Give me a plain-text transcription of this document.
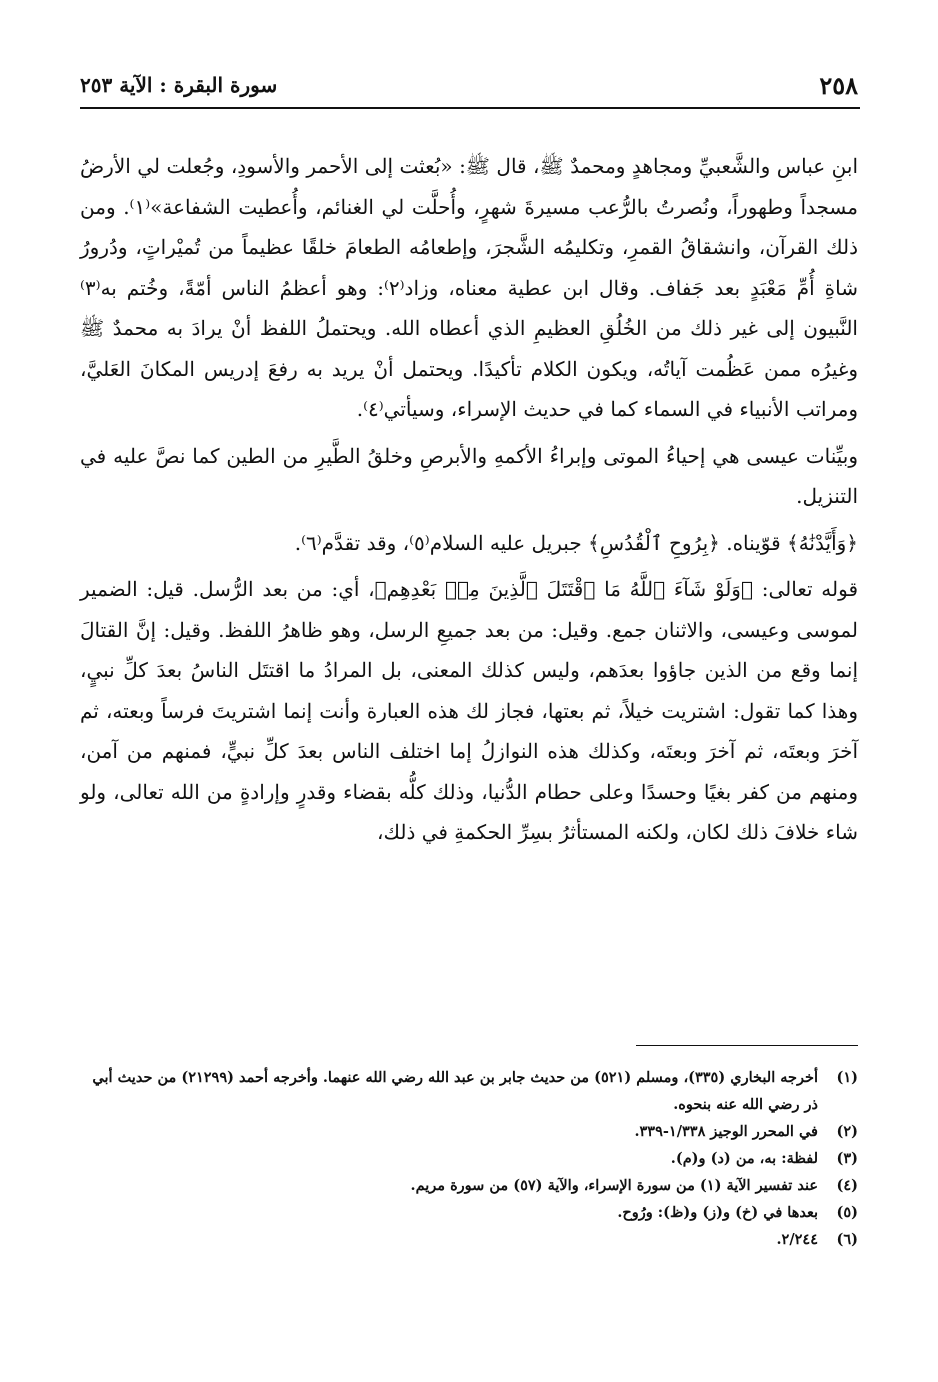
سورة البقرة : الآية ٢٥٣	٢٥٨

ابنِ عباس والشَّعبيِّ ومجاهدٍ ومحمدٌ ﷺ، قال ﷺ: «بُعثت إلى الأحمر والأسودِ، وجُعلت لي الأرضُ مسجداً وطهوراً، ونُصرتُ بالرُّعب مسيرةَ شهرٍ، وأُحلَّت لي الغنائم، وأُعطيت الشفاعة»⁽١⁾. ومن ذلك القرآن، وانشقاقُ القمرِ، وتكليمُه الشَّجرَ، وإطعامُه الطعامَ خلقًا عظيماً من تُميْراتٍ، ودُرورُ شاةِ أُمِّ مَعْبَدٍ بعد جَفاف. وقال ابن عطية معناه، وزاد⁽٢⁾: وهو أعظمُ الناس أمّةً، وخُتم به⁽٣⁾ النَّبيون إلى غير ذلك من الخُلُقِ العظيمِ الذي أعطاه الله. ويحتملُ اللفظ أنْ يرادَ به محمدٌ ﷺ وغيرُه ممن عَظُمت آياتُه، ويكون الكلام تأكيدًا. ويحتمل أنْ يريد به رفعَ إدريس المكانَ العَليَّ، ومراتب الأنبياء في السماء كما في حديث الإسراء، وسيأتي⁽٤⁾.

وبيِّنات عيسى هي إحياءُ الموتى وإبراءُ الأكمهِ والأبرصِ وخلقُ الطَّيرِ من الطين كما نصَّ عليه في التنزيل.

﴿وَأَيَّدْنَٰهُ﴾ قوّيناه. ﴿بِرُوحِ ٱلْقُدُسِ﴾ جبريل عليه السلام⁽٥⁾، وقد تقدَّم⁽٦⁾.

قوله تعالى: ﴿وَلَوْ شَآءَ ٱللَّهُ مَا ٱقْتَتَلَ ٱلَّذِينَ مِنۢ بَعْدِهِم﴾، أي: من بعد الرُّسل. قيل: الضمير لموسى وعيسى، والاثنان جمع. وقيل: من بعد جميعِ الرسل، وهو ظاهرُ اللفظ. وقيل: إنَّ القتالَ إنما وقع من الذين جاؤوا بعدَهم، وليس كذلك المعنى، بل المرادُ ما اقتتَل الناسُ بعدَ كلِّ نبيٍ، وهذا كما تقول: اشتريت خيلاً، ثم بعتها، فجاز لك هذه العبارة وأنت إنما اشتريتَ فرساً وبعته، ثم آخرَ وبعتَه، ثم آخرَ وبعتَه، وكذلك هذه النوازلُ إما اختلف الناس بعدَ كلِّ نبيٍّ، فمنهم من آمن، ومنهم من كفر بغيًا وحسدًا وعلى حطام الدُّنيا، وذلك كلُّه بقضاء وقدرٍ وإرادةٍ من الله تعالى، ولو شاء خلافَ ذلك لكان، ولكنه المستأثرُ بسِرِّ الحكمةِ في ذلك،

(١)
أخرجه البخاري (٣٣٥)، ومسلم (٥٢١) من حديث جابر بن عبد الله رضي الله عنهما. وأخرجه أحمد (٢١٢٩٩) من حديث أبي ذر رضي الله عنه بنحوه.
(٢)
في المحرر الوجيز ١/٣٣٨-٣٣٩.
(٣)
لفظة: به، من (د) و(م).
(٤)
عند تفسير الآية (١) من سورة الإسراء، والآية (٥٧) من سورة مريم.
(٥)
بعدها في (خ) و(ز) و(ظ): ورُوح.
(٦)
٢/٢٤٤.
